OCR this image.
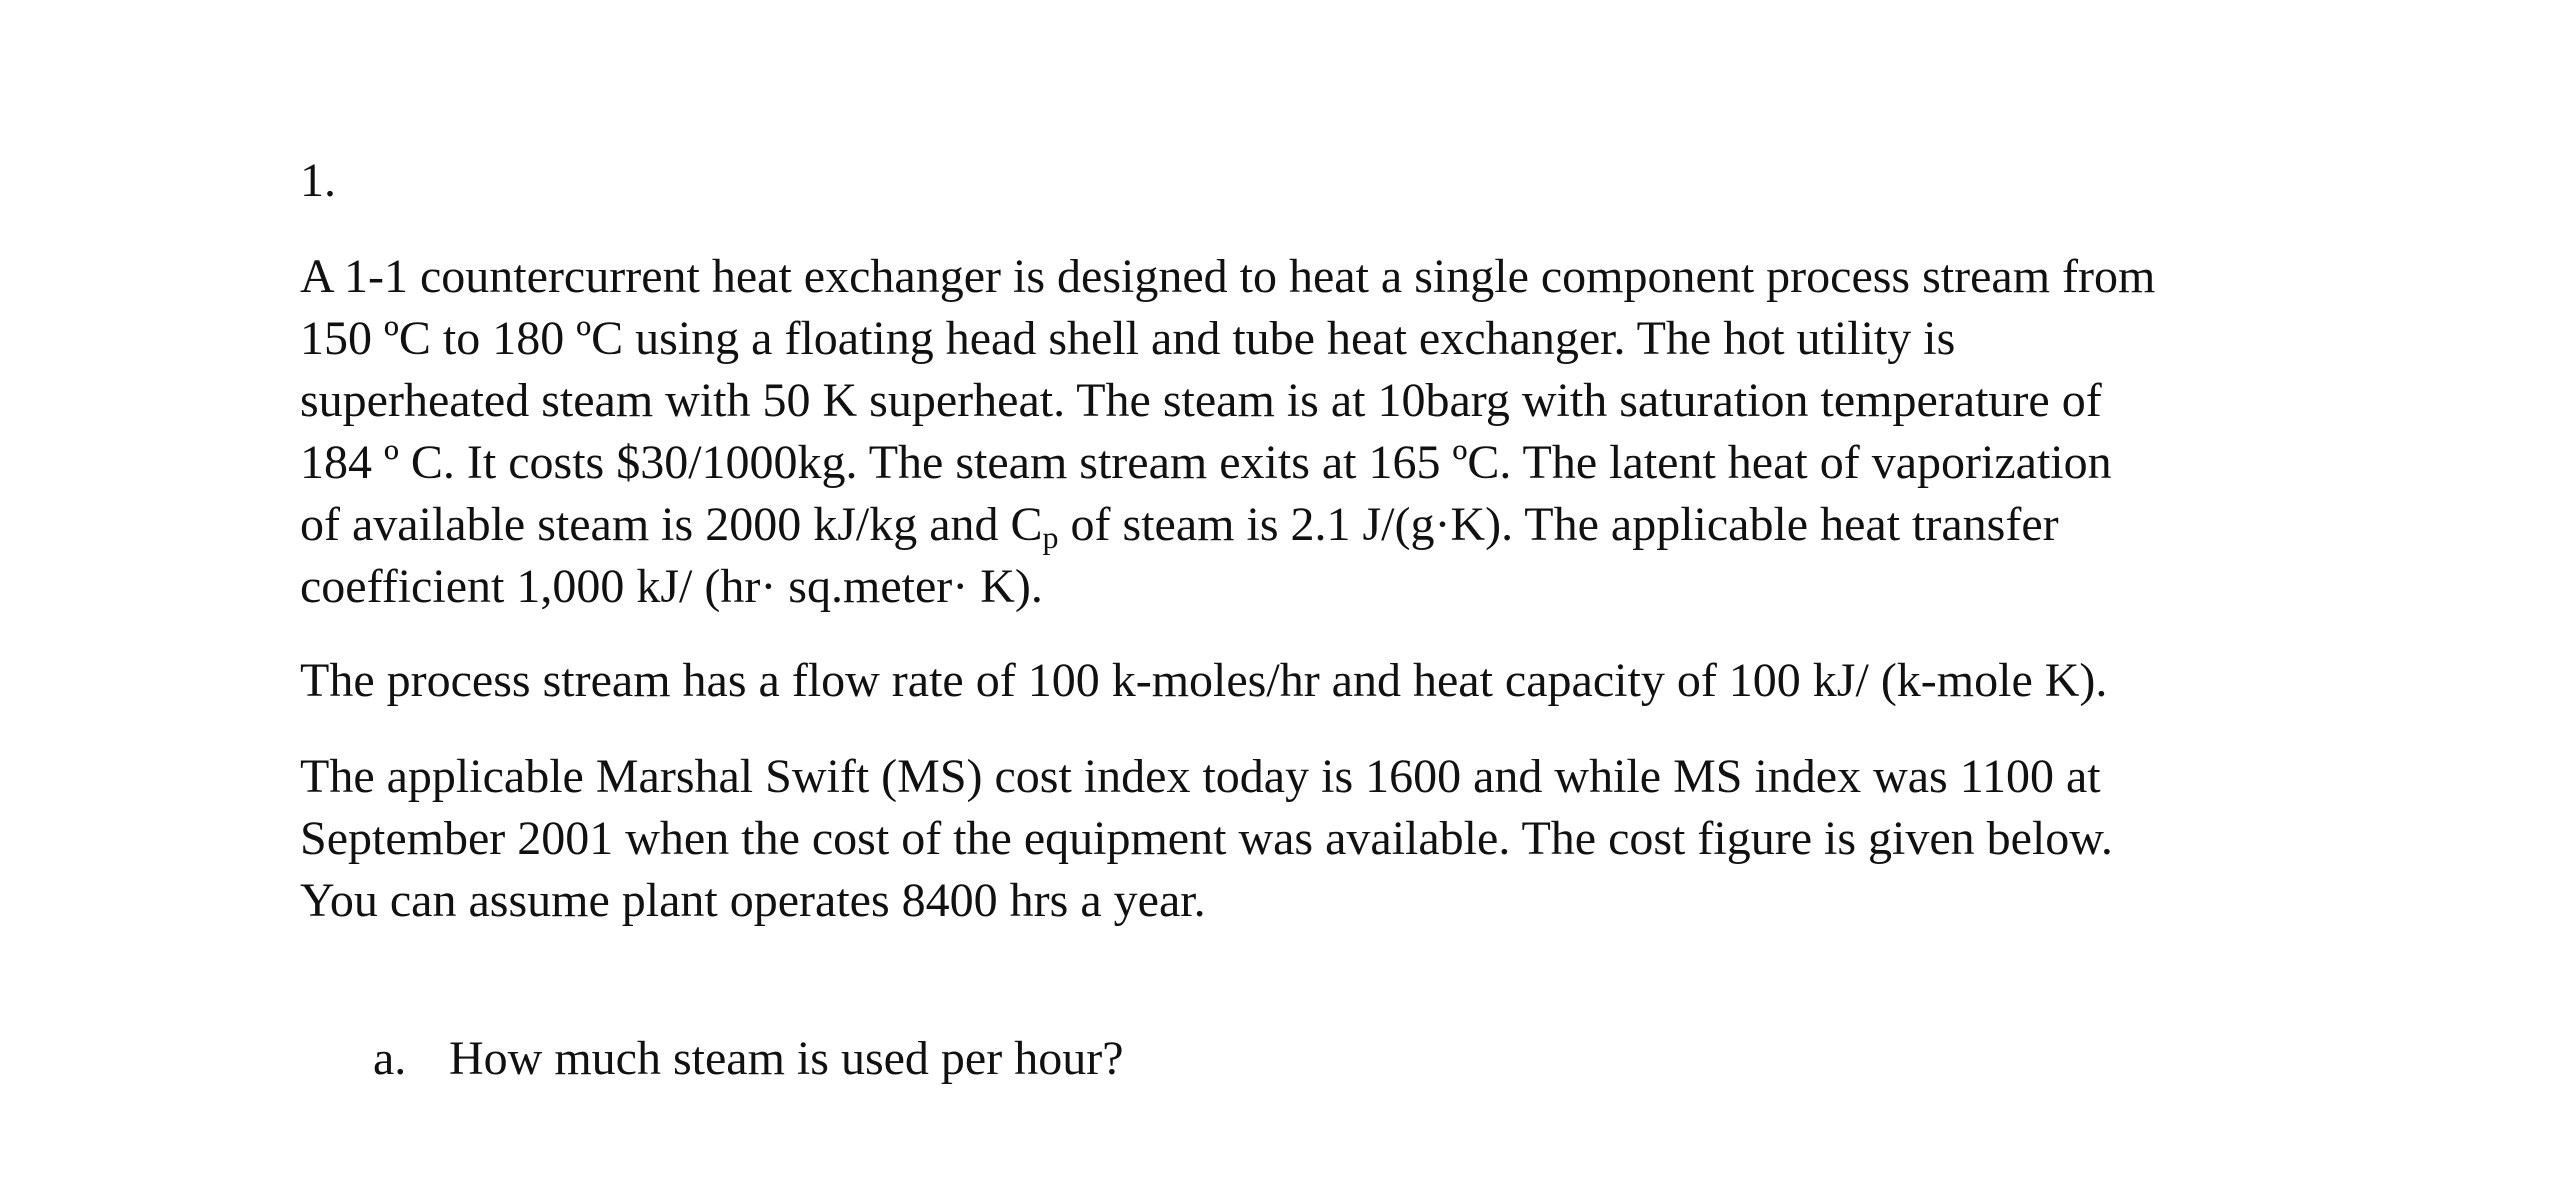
1.
A 1-1 countercurrent heat exchanger is designed to heat a single component process stream from
150 ºC to 180 ºC using a floating head shell and tube heat exchanger. The hot utility is
superheated steam with 50 K superheat. The steam is at 10barg with saturation temperature of
184 º C. It costs $30/1000kg. The steam stream exits at 165 ºC. The latent heat of vaporization
of available steam is 2000 kJ/kg and $C_p$ of steam is 2.1 J/(g·K). The applicable heat transfer
coefficient 1,000 kJ/ (hr· sq.meter· K).
The process stream has a flow rate of 100 k-moles/hr and heat capacity of 100 kJ/ (k-mole K).
The applicable Marshal Swift (MS) cost index today is 1600 and while MS index was 1100 at
September 2001 when the cost of the equipment was available. The cost figure is given below.
You can assume plant operates 8400 hrs a year.
a. How much steam is used per hour?
